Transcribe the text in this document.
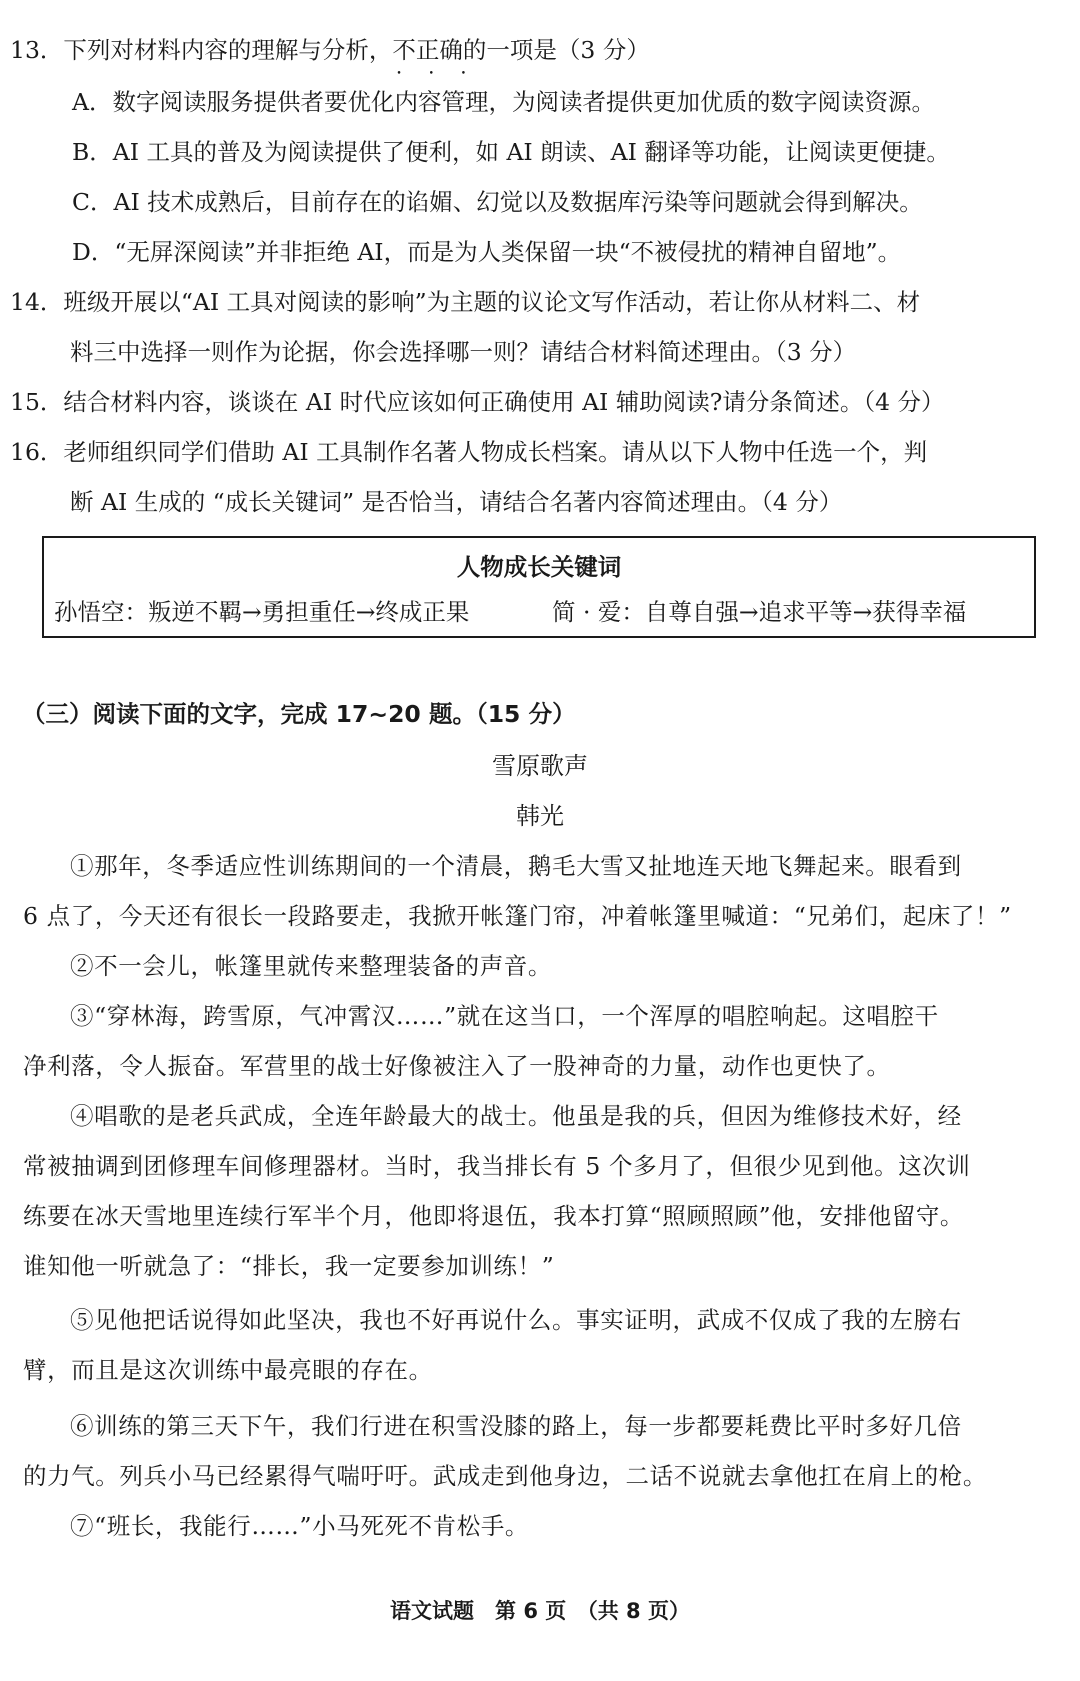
13．下列对材料内容的理解与分析，不正确 • • •的一项是（3 分）
A．数字阅读服务提供者要优化内容管理，为阅读者提供更加优质的数字阅读资源。
B．AI 工具的普及为阅读提供了便利，如 AI 朗读、AI 翻译等功能，让阅读更便捷。
C．AI 技术成熟后，目前存在的谄媚、幻觉以及数据库污染等问题就会得到解决。
D．“无屏深阅读”并非拒绝 AI，而是为人类保留一块“不被侵扰的精神自留地”。
14．班级开展以“AI 工具对阅读的影响”为主题的议论文写作活动，若让你从材料二、材
料三中选择一则作为论据，你会选择哪一则？请结合材料简述理由。（3 分）
15．结合材料内容，谈谈在 AI 时代应该如何正确使用 AI 辅助阅读?请分条简述。（4 分）
16．老师组织同学们借助 AI 工具制作名著人物成长档案。请从以下人物中任选一个，判
断 AI 生成的 “成长关键词” 是否恰当，请结合名著内容简述理由。（4 分）
人物成长关键词
孙悟空：叛逆不羁→勇担重任→终成正果	简 · 爱：自尊自强→追求平等→获得幸福
（三）阅读下面的文字，完成 17~20 题。（15 分）
雪原歌声
韩光
①那年，冬季适应性训练期间的一个清晨，鹅毛大雪又扯地连天地飞舞起来。眼看到
6 点了，今天还有很长一段路要走，我掀开帐篷门帘，冲着帐篷里喊道：“兄弟们，起床了！”
②不一会儿，帐篷里就传来整理装备的声音。
③“穿林海，跨雪原，气冲霄汉……”就在这当口，一个浑厚的唱腔响起。这唱腔干
净利落，令人振奋。军营里的战士好像被注入了一股神奇的力量，动作也更快了。
④唱歌的是老兵武成，全连年龄最大的战士。他虽是我的兵，但因为维修技术好，经
常被抽调到团修理车间修理器材。当时，我当排长有 5 个多月了，但很少见到他。这次训
练要在冰天雪地里连续行军半个月，他即将退伍，我本打算“照顾照顾”他，安排他留守。
谁知他一听就急了：“排长，我一定要参加训练！”
⑤见他把话说得如此坚决，我也不好再说什么。事实证明，武成不仅成了我的左膀右
臂，而且是这次训练中最亮眼的存在。
⑥训练的第三天下午，我们行进在积雪没膝的路上，每一步都要耗费比平时多好几倍
的力气。列兵小马已经累得气喘吁吁。武成走到他身边，二话不说就去拿他扛在肩上的枪。
⑦“班长，我能行……”小马死死不肯松手。
语文试题　第 6 页　（共 8 页）
